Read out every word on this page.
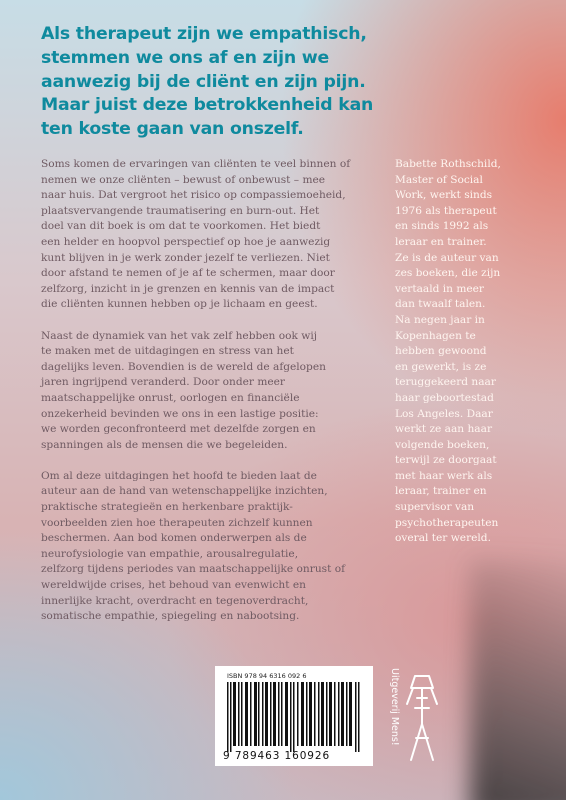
Als therapeut zijn we empathisch,
stemmen we ons af en zijn we
aanwezig bij de cliënt en zijn pijn.
Maar juist deze betrokkenheid kan
ten koste gaan van onszelf.
Soms komen de ervaringen van cliënten te veel binnen of
nemen we onze cliënten – bewust of onbewust – mee
naar huis. Dat vergroot het risico op compassiemoeheid,
plaatsvervangende traumatisering en burn-out. Het
doel van dit boek is om dat te voorkomen. Het biedt
een helder en hoopvol perspectief op hoe je aanwezig
kunt blijven in je werk zonder jezelf te verliezen. Niet
door afstand te nemen of je af te schermen, maar door
zelfzorg, inzicht in je grenzen en kennis van de impact
die cliënten kunnen hebben op je lichaam en geest.
Naast de dynamiek van het vak zelf hebben ook wij
te maken met de uitdagingen en stress van het
dagelijks leven. Bovendien is de wereld de afgelopen
jaren ingrijpend veranderd. Door onder meer
maatschappelijke onrust, oorlogen en financiële
onzekerheid bevinden we ons in een lastige positie:
we worden geconfronteerd met dezelfde zorgen en
spanningen als de mensen die we begeleiden.
Om al deze uitdagingen het hoofd te bieden laat de
auteur aan de hand van wetenschappelijke inzichten,
praktische strategieën en herkenbare praktijk-
voorbeelden zien hoe therapeuten zichzelf kunnen
beschermen. Aan bod komen onderwerpen als de
neurofysiologie van empathie, arousalregulatie,
zelfzorg tijdens periodes van maatschappelijke onrust of
wereldwijde crises, het behoud van evenwicht en
innerlijke kracht, overdracht en tegenoverdracht,
somatische empathie, spiegeling en nabootsing.
Babette Rothschild,
Master of Social
Work, werkt sinds
1976 als therapeut
en sinds 1992 als
leraar en trainer.
Ze is de auteur van
zes boeken, die zijn
vertaald in meer
dan twaalf talen.
Na negen jaar in
Kopenhagen te
hebben gewoond
en gewerkt, is ze
teruggekeerd naar
haar geboortestad
Los Angeles. Daar
werkt ze aan haar
volgende boeken,
terwijl ze doorgaat
met haar werk als
leraar, trainer en
supervisor van
psychotherapeuten
overal ter wereld.
ISBN 978 94 6316 092 6
9 789463 160926
Uitgeverij Mens!
